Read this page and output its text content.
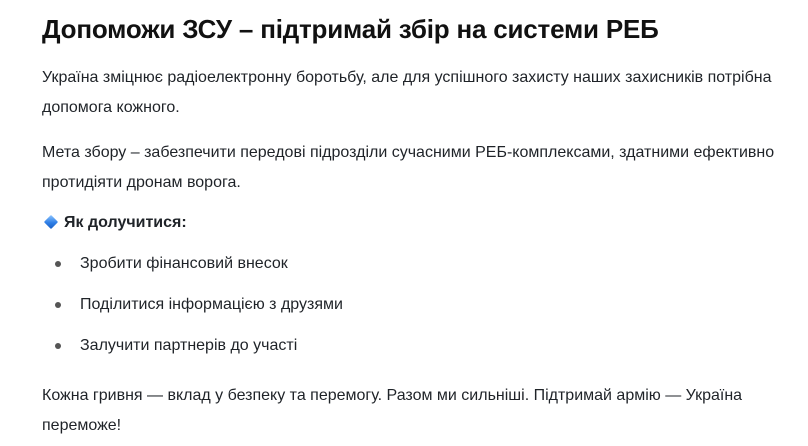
Допоможи ЗСУ – підтримай збір на системи РЕБ

Україна зміцнює радіоелектронну боротьбу, але для успішного захисту наших захисників потрібна допомога кожного.

Мета збору – забезпечити передові підрозділи сучасними РЕБ-комплексами, здатними ефективно протидіяти дронам ворога.

Як долучитися:
Зробити фінансовий внесок
Поділитися інформацією з друзями
Залучити партнерів до участі

Кожна гривня — вклад у безпеку та перемогу. Разом ми сильніші. Підтримай армію — Україна переможе!
